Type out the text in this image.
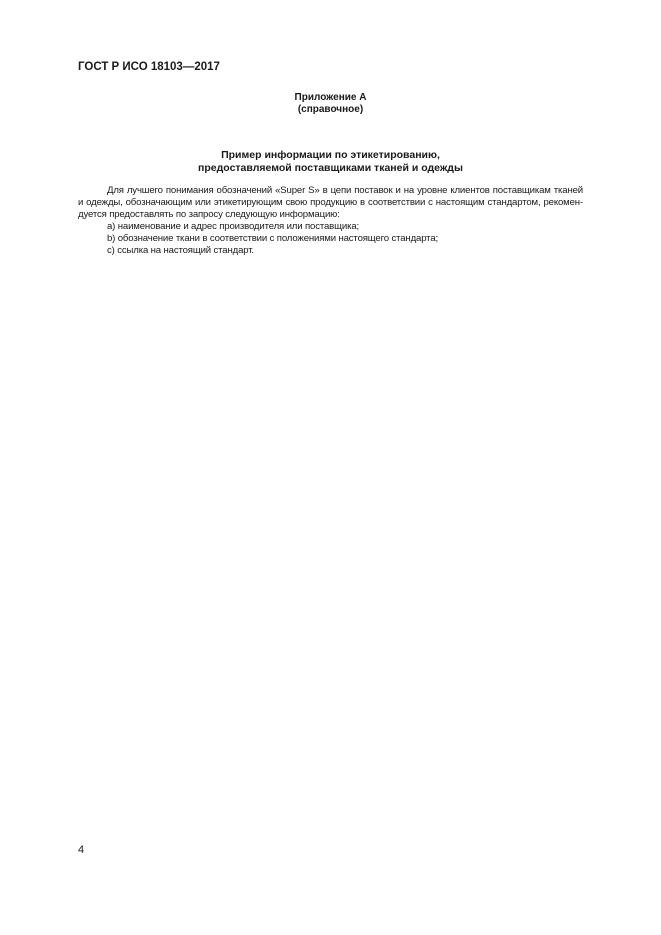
ГОСТ Р ИСО 18103—2017
Приложение А
(справочное)
Пример информации по этикетированию,
предоставляемой поставщиками тканей и одежды
Для лучшего понимания обозначений «Super S» в цепи поставок и на уровне клиентов поставщикам тканей
и одежды, обозначающим или этикетирующим свою продукцию в соответствии с настоящим стандартом, рекомен-
дуется предоставлять по запросу следующую информацию:
а) наименование и адрес производителя или поставщика;
b) обозначение ткани в соответствии с положениями настоящего стандарта;
с) ссылка на настоящий стандарт.
4
